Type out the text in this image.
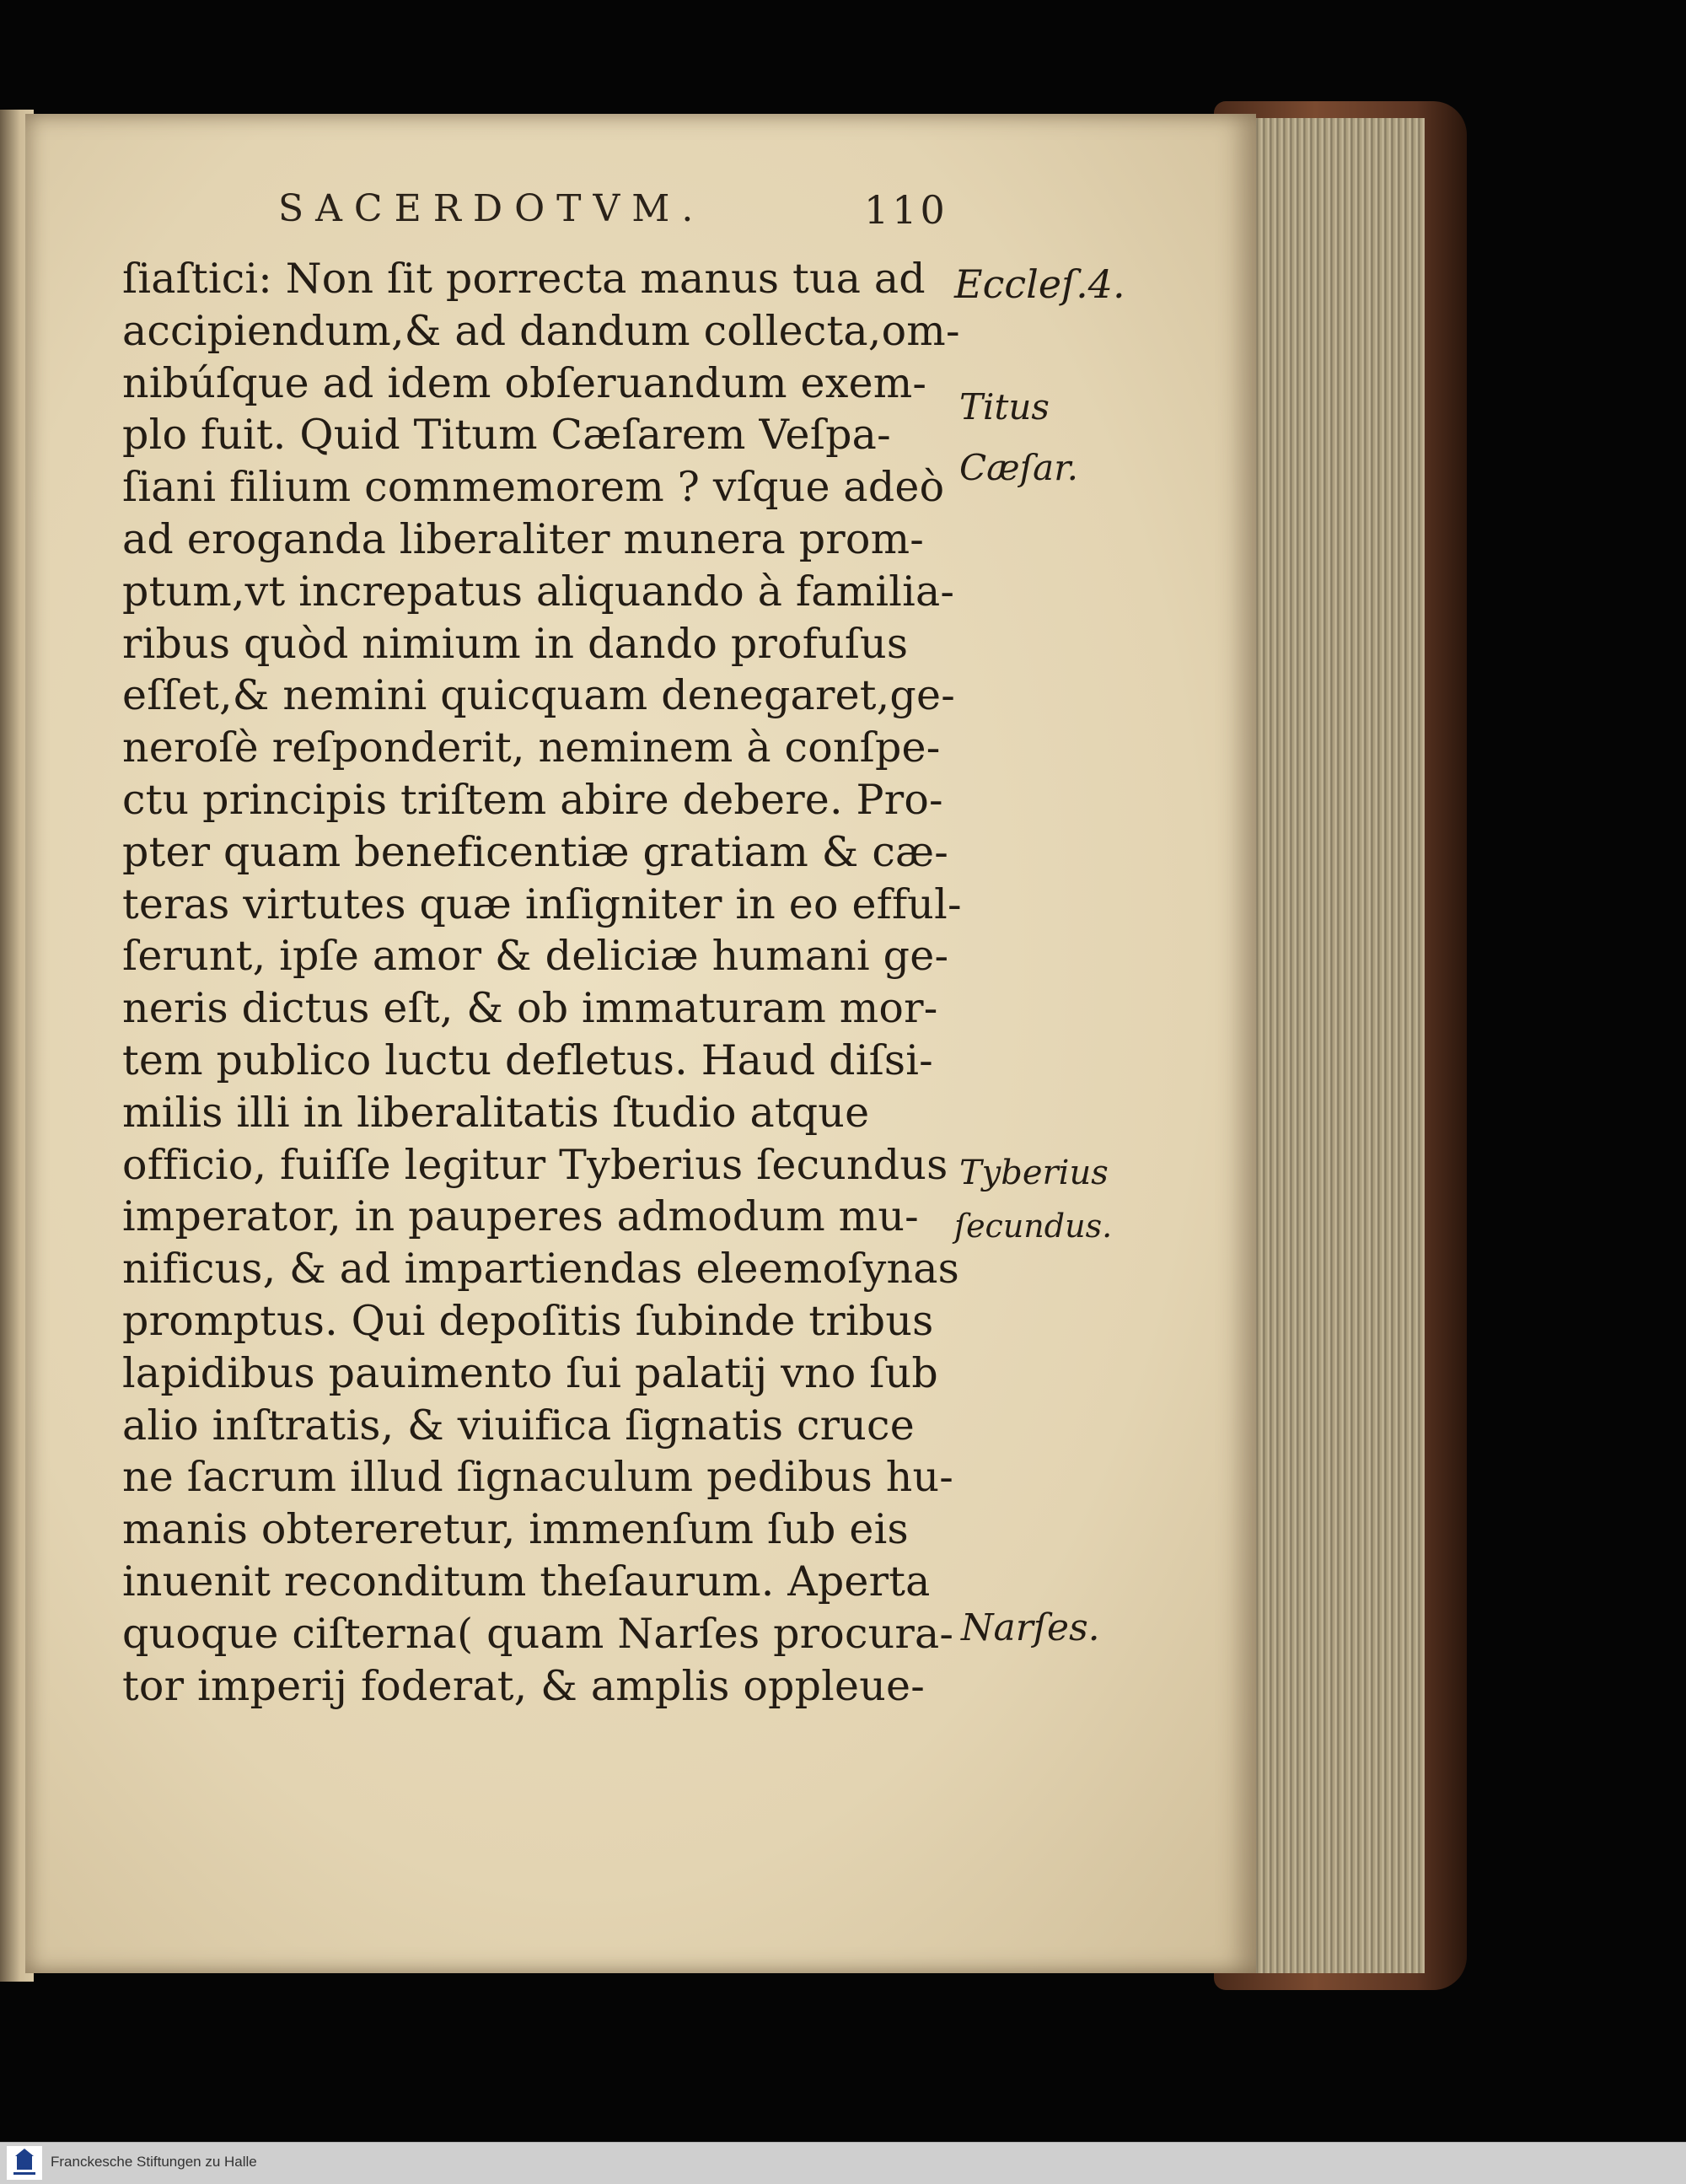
SACERDOTVM.	110
ſiaſtici: Non ſit porrecta manus tua ad
accipiendum,& ad dandum collecta,om-
nibúſque ad idem obſeruandum exem-
plo fuit. Quid Titum Cæſarem Veſpa-
ſiani filium commemorem ? vſque adeò
ad eroganda liberaliter munera prom-
ptum,vt increpatus aliquando à familia-
ribus quòd nimium in dando profuſus
eſſet,& nemini quicquam denegaret,ge-
neroſè reſponderit, neminem à conſpe-
ctu principis triſtem abire debere. Pro-
pter quam beneficentiæ gratiam & cæ-
teras virtutes quæ inſigniter in eo efful-
ſerunt, ipſe amor & deliciæ humani ge-
neris dictus eſt, & ob immaturam mor-
tem publico luctu defletus. Haud diſsi-
milis illi in liberalitatis ſtudio atque
officio, fuiſſe legitur Tyberius ſecundus
imperator, in pauperes admodum mu-
nificus, & ad impartiendas eleemoſynas
promptus. Qui depoſitis ſubinde tribus
lapidibus pauimento ſui palatij vno ſub
alio inſtratis, & viuifica ſignatis cruce
ne ſacrum illud ſignaculum pedibus hu-
manis obtereretur, immenſum ſub eis
inuenit reconditum theſaurum. Aperta
quoque ciſterna( quam Narſes procura-
tor imperij foderat, & amplis oppleue-
Eccleſ.4.
Titus
Cæſar.
Tyberius
ſecundus.
Narſes.
Franckesche Stiftungen zu Halle
